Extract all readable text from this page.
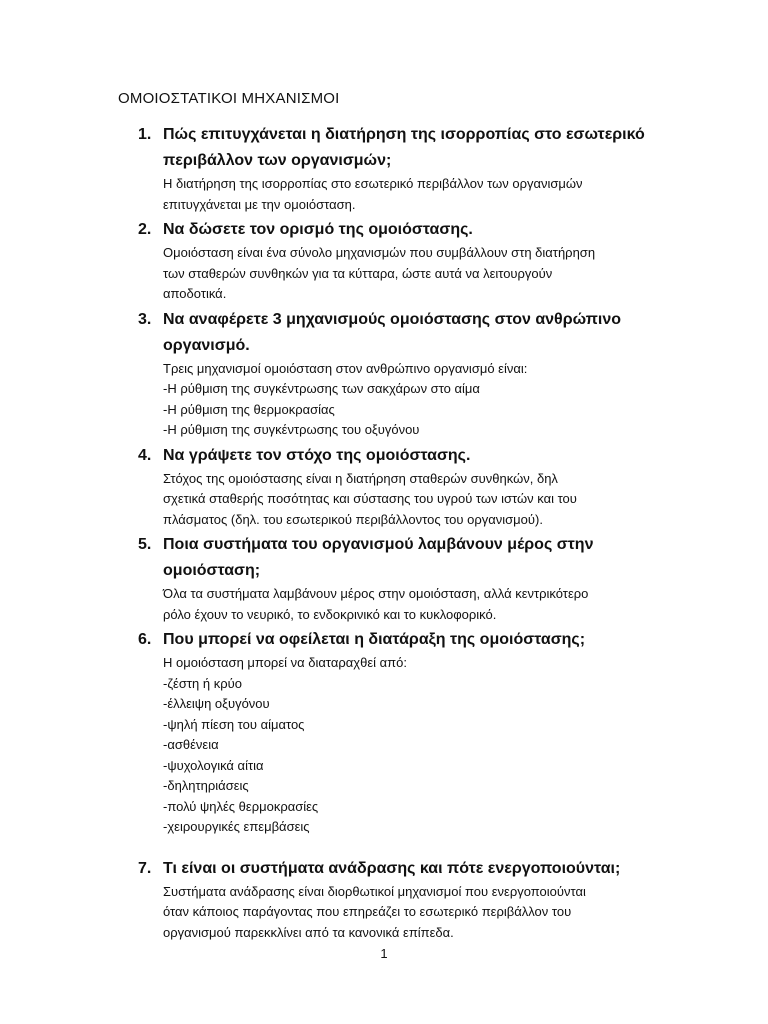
ΟΜΟΙΟΣΤΑΤΙΚΟΙ ΜΗΧΑΝΙΣΜΟΙ
1. Πώς επιτυγχάνεται η διατήρηση της ισορροπίας στο εσωτερικό περιβάλλον των οργανισμών;

Η διατήρηση της ισορροπίας στο εσωτερικό περιβάλλον των οργανισμών
επιτυγχάνεται με την ομοιόσταση.
2. Να δώσετε τον ορισμό της ομοιόστασης.

Ομοιόσταση είναι ένα σύνολο μηχανισμών που συμβάλλουν στη διατήρηση
των σταθερών συνθηκών για τα κύτταρα, ώστε αυτά να λειτουργούν
αποδοτικά.
3. Να αναφέρετε 3 μηχανισμούς ομοιόστασης στον ανθρώπινο οργανισμό.

Τρεις μηχανισμοί ομοιόσταση στον ανθρώπινο οργανισμό είναι:
-Η ρύθμιση της συγκέντρωσης των σακχάρων στο αίμα
-Η ρύθμιση της θερμοκρασίας
-Η ρύθμιση της συγκέντρωσης του οξυγόνου
4. Να γράψετε τον στόχο της ομοιόστασης.

Στόχος της ομοιόστασης είναι η διατήρηση σταθερών συνθηκών, δηλ
σχετικά σταθερής ποσότητας και σύστασης του υγρού των ιστών και του
πλάσματος (δηλ. του εσωτερικού περιβάλλοντος του οργανισμού).
5. Ποια συστήματα του οργανισμού λαμβάνουν μέρος στην ομοιόσταση;

Όλα τα συστήματα λαμβάνουν μέρος στην ομοιόσταση, αλλά κεντρικότερο
ρόλο έχουν το νευρικό, το ενδοκρινικό και το κυκλοφορικό.
6. Που μπορεί να οφείλεται η διατάραξη της ομοιόστασης;

Η ομοιόσταση μπορεί να διαταραχθεί από:
-ζέστη ή κρύο
-έλλειψη οξυγόνου
-ψηλή πίεση του αίματος
-ασθένεια
-ψυχολογικά αίτια
-δηλητηριάσεις
-πολύ ψηλές θερμοκρασίες
-χειρουργικές επεμβάσεις
7. Τι είναι οι συστήματα ανάδρασης και πότε ενεργοποιούνται;

Συστήματα ανάδρασης είναι διορθωτικοί μηχανισμοί που ενεργοποιούνται
όταν κάποιος παράγοντας που επηρεάζει το εσωτερικό περιβάλλον του
οργανισμού παρεκκλίνει από τα κανονικά επίπεδα.
1
